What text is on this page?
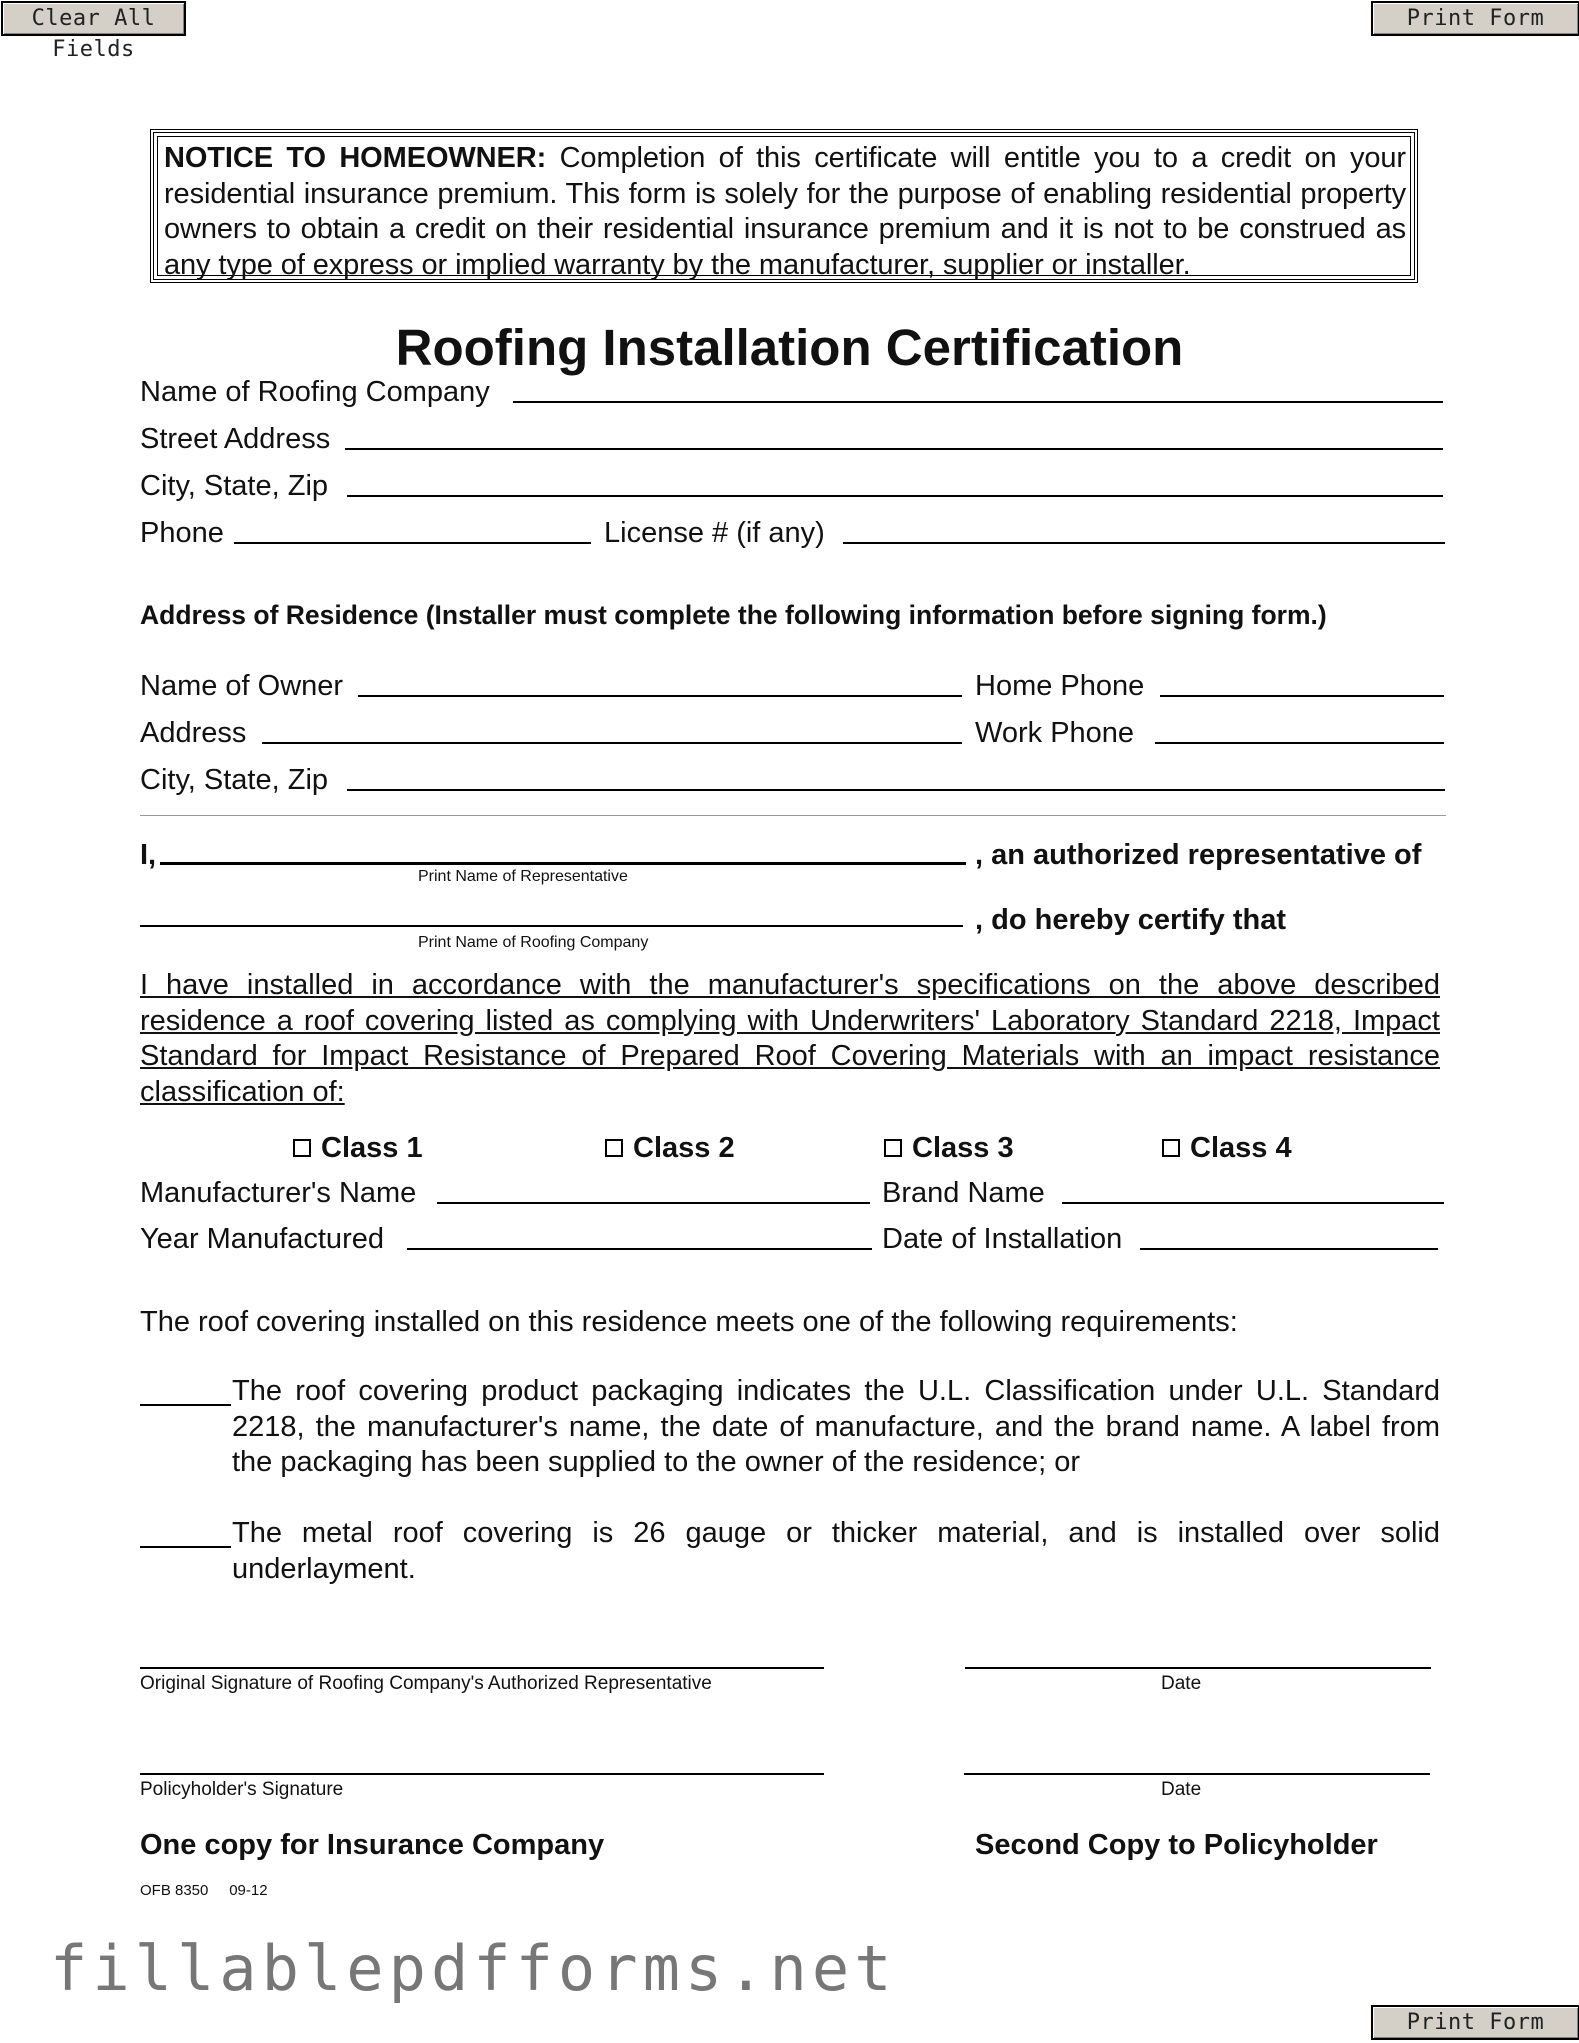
Clear All Fields
Print Form
NOTICE TO HOMEOWNER: Completion of this certificate will entitle you to a credit on your residential insurance premium. This form is solely for the purpose of enabling residential property owners to obtain a credit on their residential insurance premium and it is not to be construed as any type of express or implied warranty by the manufacturer, supplier or installer.
Roofing Installation Certification
Name of Roofing Company
Street Address
City, State, Zip
Phone	License # (if any)
Address of Residence (Installer must complete the following information before signing form.)
Name of Owner	Home Phone
Address	Work Phone
City, State, Zip
I,	, an authorized representative of
Print Name of Representative
, do hereby certify that
Print Name of Roofing Company
I have installed in accordance with the manufacturer's specifications on the above described residence a roof covering listed as complying with Underwriters' Laboratory Standard 2218, Impact Standard for Impact Resistance of Prepared Roof Covering Materials with an impact resistance classification of:
Class 1	Class 2	Class 3	Class 4
Manufacturer's Name	Brand Name
Year Manufactured	Date of Installation
The roof covering installed on this residence meets one of the following requirements:
The roof covering product packaging indicates the U.L. Classification under U.L. Standard 2218, the manufacturer's name, the date of manufacture, and the brand name. A label from the packaging has been supplied to the owner of the residence; or
The metal roof covering is 26 gauge or thicker material, and is installed over solid underlayment.
Original Signature of Roofing Company's Authorized Representative	Date
Policyholder's Signature	Date
One copy for Insurance Company	Second Copy to Policyholder
OFB 8350     09-12
fillablepdfforms.net
Print Form
